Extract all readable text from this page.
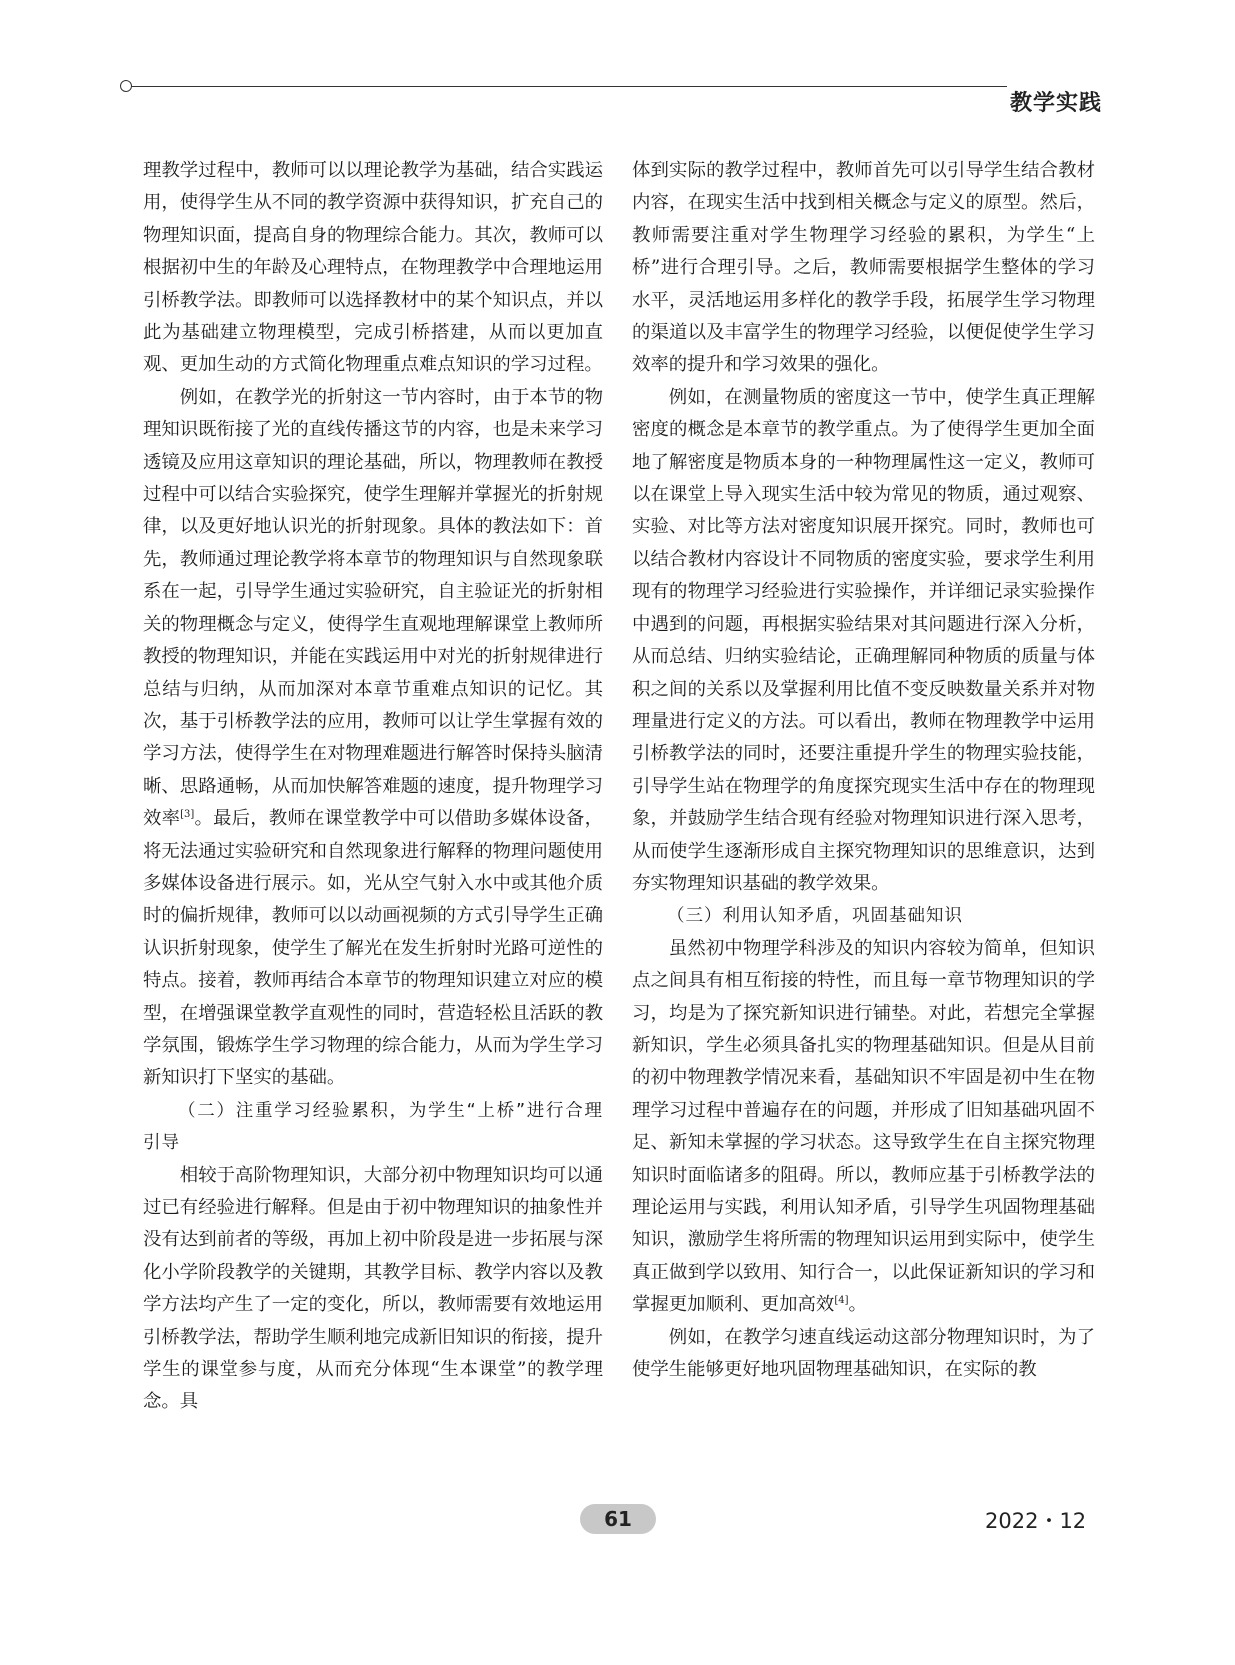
教学实践

理教学过程中，教师可以以理论教学为基础，结合实践运用，使得学生从不同的教学资源中获得知识，扩充自己的物理知识面，提高自身的物理综合能力。其次，教师可以根据初中生的年龄及心理特点，在物理教学中合理地运用引桥教学法。即教师可以选择教材中的某个知识点，并以此为基础建立物理模型，完成引桥搭建，从而以更加直观、更加生动的方式简化物理重点难点知识的学习过程。

例如，在教学光的折射这一节内容时，由于本节的物理知识既衔接了光的直线传播这节的内容，也是未来学习透镜及应用这章知识的理论基础，所以，物理教师在教授过程中可以结合实验探究，使学生理解并掌握光的折射规律，以及更好地认识光的折射现象。具体的教法如下：首先，教师通过理论教学将本章节的物理知识与自然现象联系在一起，引导学生通过实验研究，自主验证光的折射相关的物理概念与定义，使得学生直观地理解课堂上教师所教授的物理知识，并能在实践运用中对光的折射规律进行总结与归纳，从而加深对本章节重难点知识的记忆。其次，基于引桥教学法的应用，教师可以让学生掌握有效的学习方法，使得学生在对物理难题进行解答时保持头脑清晰、思路通畅，从而加快解答难题的速度，提升物理学习效率[3]。最后，教师在课堂教学中可以借助多媒体设备，将无法通过实验研究和自然现象进行解释的物理问题使用多媒体设备进行展示。如，光从空气射入水中或其他介质时的偏折规律，教师可以以动画视频的方式引导学生正确认识折射现象，使学生了解光在发生折射时光路可逆性的特点。接着，教师再结合本章节的物理知识建立对应的模型，在增强课堂教学直观性的同时，营造轻松且活跃的教学氛围，锻炼学生学习物理的综合能力，从而为学生学习新知识打下坚实的基础。

（二）注重学习经验累积，为学生“上桥”进行合理引导

相较于高阶物理知识，大部分初中物理知识均可以通过已有经验进行解释。但是由于初中物理知识的抽象性并没有达到前者的等级，再加上初中阶段是进一步拓展与深化小学阶段教学的关键期，其教学目标、教学内容以及教学方法均产生了一定的变化，所以，教师需要有效地运用引桥教学法，帮助学生顺利地完成新旧知识的衔接，提升学生的课堂参与度，从而充分体现“生本课堂”的教学理念。具

体到实际的教学过程中，教师首先可以引导学生结合教材内容，在现实生活中找到相关概念与定义的原型。然后，教师需要注重对学生物理学习经验的累积，为学生“上桥”进行合理引导。之后，教师需要根据学生整体的学习水平，灵活地运用多样化的教学手段，拓展学生学习物理的渠道以及丰富学生的物理学习经验，以便促使学生学习效率的提升和学习效果的强化。

例如，在测量物质的密度这一节中，使学生真正理解密度的概念是本章节的教学重点。为了使得学生更加全面地了解密度是物质本身的一种物理属性这一定义，教师可以在课堂上导入现实生活中较为常见的物质，通过观察、实验、对比等方法对密度知识展开探究。同时，教师也可以结合教材内容设计不同物质的密度实验，要求学生利用现有的物理学习经验进行实验操作，并详细记录实验操作中遇到的问题，再根据实验结果对其问题进行深入分析，从而总结、归纳实验结论，正确理解同种物质的质量与体积之间的关系以及掌握利用比值不变反映数量关系并对物理量进行定义的方法。可以看出，教师在物理教学中运用引桥教学法的同时，还要注重提升学生的物理实验技能，引导学生站在物理学的角度探究现实生活中存在的物理现象，并鼓励学生结合现有经验对物理知识进行深入思考，从而使学生逐渐形成自主探究物理知识的思维意识，达到夯实物理知识基础的教学效果。

（三）利用认知矛盾，巩固基础知识

虽然初中物理学科涉及的知识内容较为简单，但知识点之间具有相互衔接的特性，而且每一章节物理知识的学习，均是为了探究新知识进行铺垫。对此，若想完全掌握新知识，学生必须具备扎实的物理基础知识。但是从目前的初中物理教学情况来看，基础知识不牢固是初中生在物理学习过程中普遍存在的问题，并形成了旧知基础巩固不足、新知未掌握的学习状态。这导致学生在自主探究物理知识时面临诸多的阻碍。所以，教师应基于引桥教学法的理论运用与实践，利用认知矛盾，引导学生巩固物理基础知识，激励学生将所需的物理知识运用到实际中，使学生真正做到学以致用、知行合一，以此保证新知识的学习和掌握更加顺利、更加高效[4]。

例如，在教学匀速直线运动这部分物理知识时，为了使学生能够更好地巩固物理基础知识，在实际的教

61	2022・12
